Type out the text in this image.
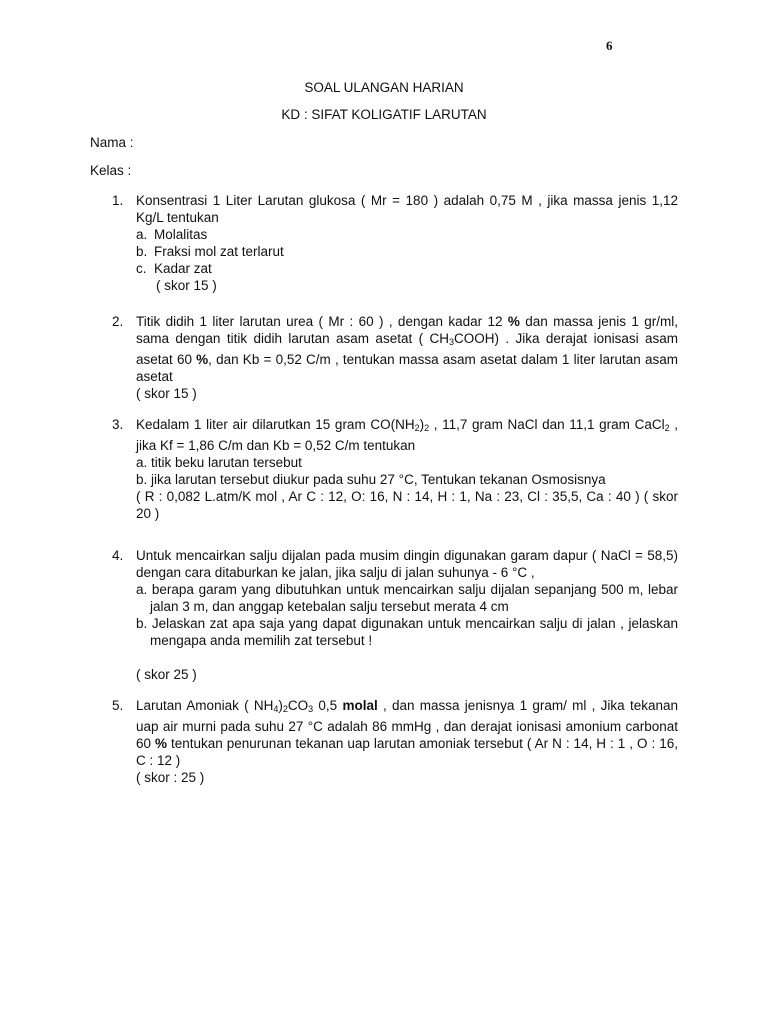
6
SOAL ULANGAN HARIAN
KD : SIFAT KOLIGATIF LARUTAN
Nama :
Kelas :
1. Konsentrasi 1 Liter Larutan glukosa ( Mr = 180 ) adalah 0,75 M , jika massa jenis 1,12 Kg/L tentukan
a. Molalitas
b. Fraksi mol zat terlarut
c. Kadar zat
( skor 15 )
2. Titik didih 1 liter larutan urea ( Mr : 60 ) , dengan kadar 12 % dan massa jenis 1 gr/ml, sama dengan titik didih larutan asam asetat ( $CH_3COOH$) . Jika derajat ionisasi asam asetat 60 %, dan Kb = 0,52 C/m , tentukan massa asam asetat dalam 1 liter larutan asam asetat
( skor 15 )
3. Kedalam 1 liter air dilarutkan 15 gram $CO(NH_2)_2$ , 11,7 gram NaCl dan 11,1 gram CaCl$_2$ , jika Kf = 1,86 C/m dan Kb = 0,52 C/m tentukan
a. titik beku larutan tersebut
b. jika larutan tersebut diukur pada suhu 27 °C, Tentukan tekanan Osmosisnya
( R : 0,082 L.atm/K mol , Ar C : 12, O: 16, N : 14, H : 1, Na : 23, Cl : 35,5, Ca : 40 ) ( skor 20 )
4. Untuk mencairkan salju dijalan pada musim dingin digunakan garam dapur ( NaCl = 58,5) dengan cara ditaburkan ke jalan, jika salju di jalan suhunya - 6 °C ,
a. berapa garam yang dibutuhkan untuk mencairkan salju dijalan sepanjang 500 m, lebar jalan 3 m, dan anggap ketebalan salju tersebut merata 4 cm
b. Jelaskan zat apa saja yang dapat digunakan untuk mencairkan salju di jalan , jelaskan mengapa anda memilih zat tersebut !
( skor 25 )
5. Larutan Amoniak ( $NH_4)_2CO_3$ 0,5 molal , dan massa jenisnya 1 gram/ ml , Jika tekanan uap air murni pada suhu 27 °C adalah 86 mmHg , dan derajat ionisasi amonium carbonat 60 % tentukan penurunan tekanan uap larutan amoniak tersebut ( Ar N : 14, H : 1 , O : 16, C : 12 )
( skor : 25 )
